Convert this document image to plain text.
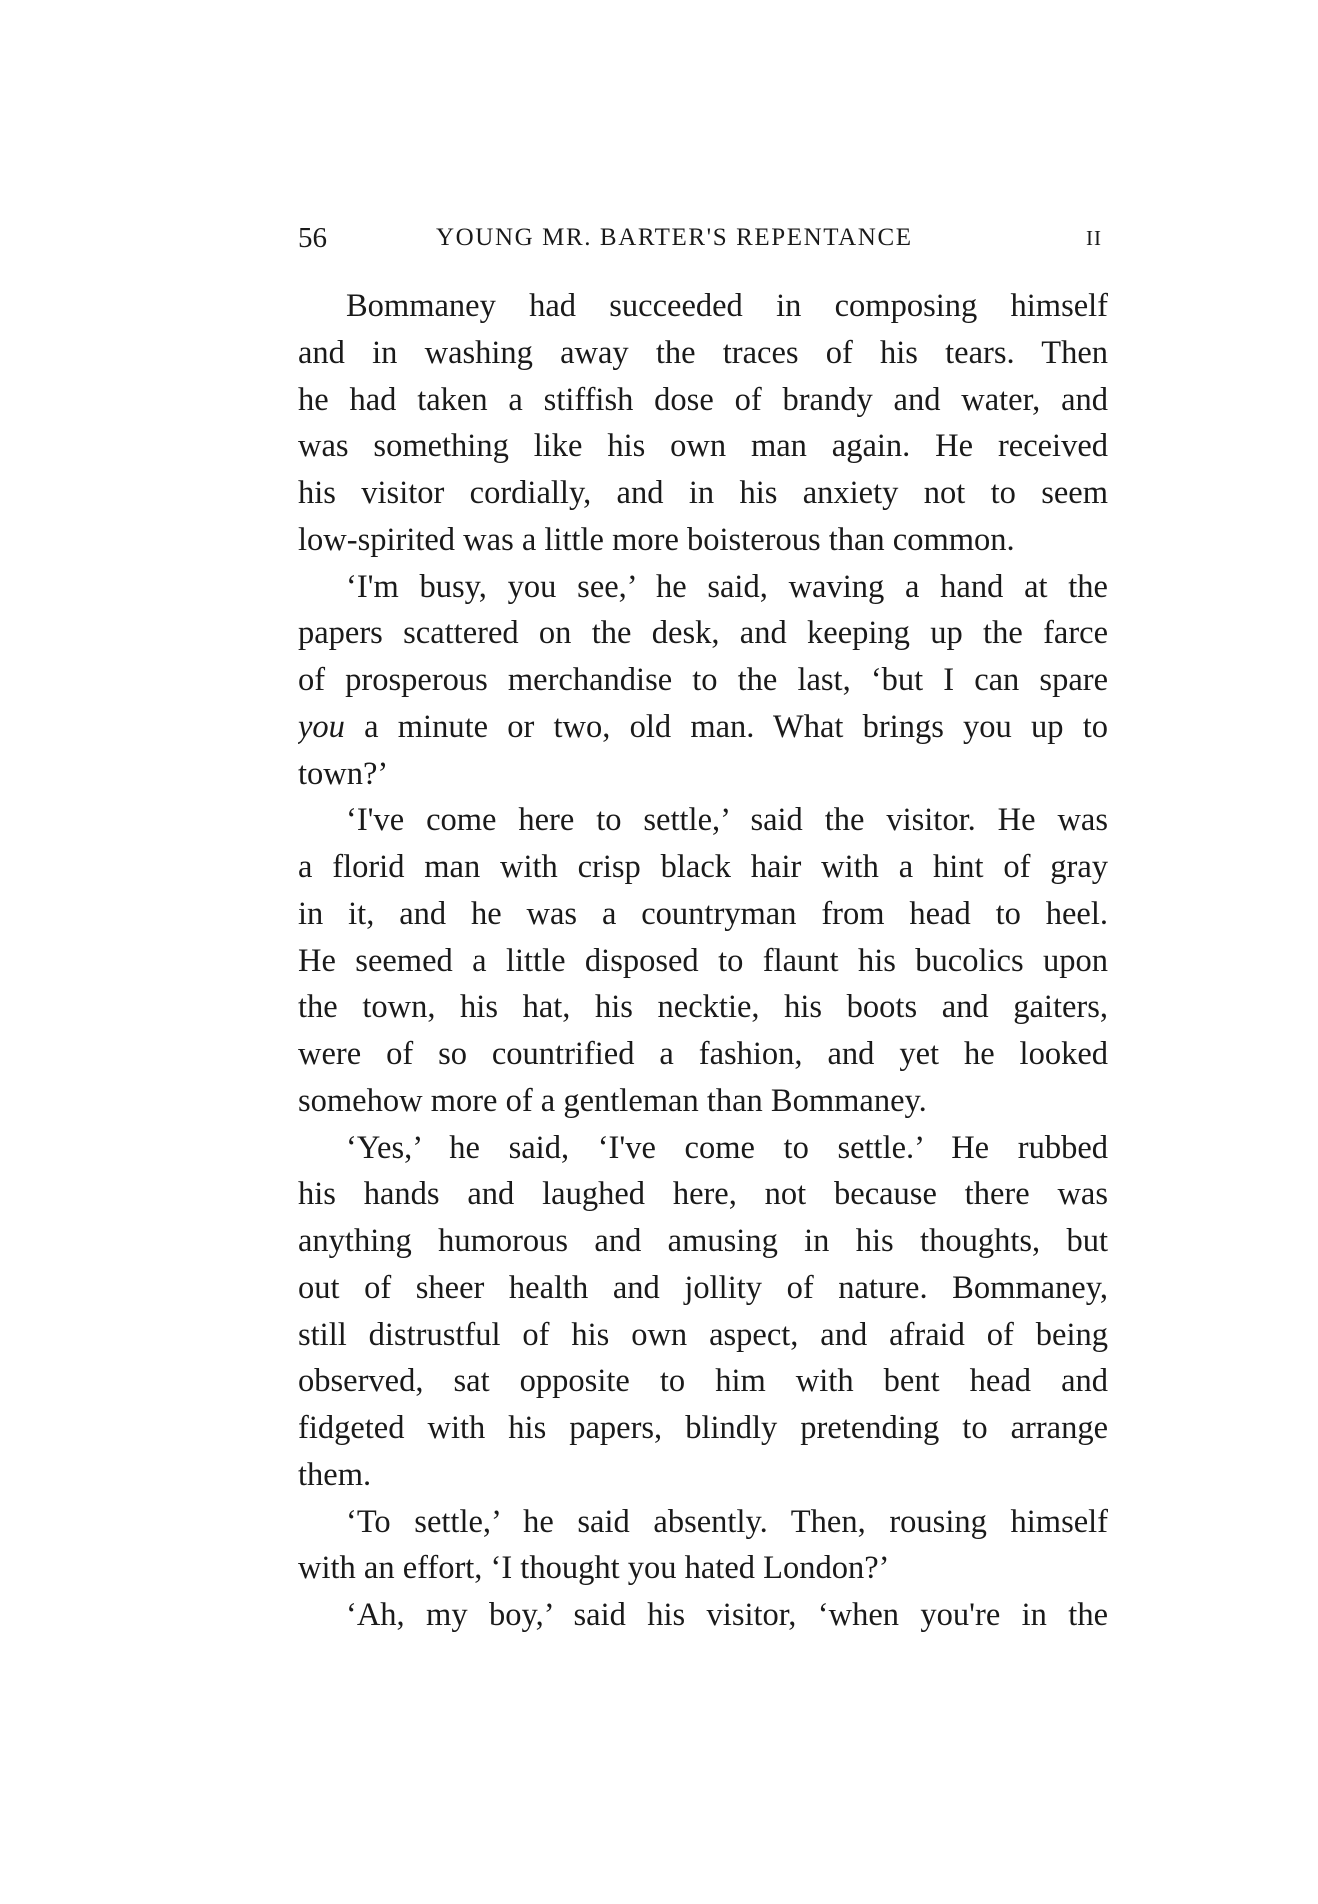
56	YOUNG MR. BARTER'S REPENTANCE	II
Bommaney had succeeded in composing himself
and in washing away the traces of his tears. Then
he had taken a stiffish dose of brandy and water, and
was something like his own man again. He received
his visitor cordially, and in his anxiety not to seem
low-spirited was a little more boisterous than common.
‘I'm busy, you see,’ he said, waving a hand at the
papers scattered on the desk, and keeping up the farce
of prosperous merchandise to the last, ‘but I can spare
you a minute or two, old man. What brings you up to
town?’
‘I've come here to settle,’ said the visitor. He was
a florid man with crisp black hair with a hint of gray
in it, and he was a countryman from head to heel.
He seemed a little disposed to flaunt his bucolics upon
the town, his hat, his necktie, his boots and gaiters,
were of so countrified a fashion, and yet he looked
somehow more of a gentleman than Bommaney.
‘Yes,’ he said, ‘I've come to settle.’ He rubbed
his hands and laughed here, not because there was
anything humorous and amusing in his thoughts, but
out of sheer health and jollity of nature. Bommaney,
still distrustful of his own aspect, and afraid of being
observed, sat opposite to him with bent head and
fidgeted with his papers, blindly pretending to arrange
them.
‘To settle,’ he said absently. Then, rousing himself
with an effort, ‘I thought you hated London?’
‘Ah, my boy,’ said his visitor, ‘when you're in the
